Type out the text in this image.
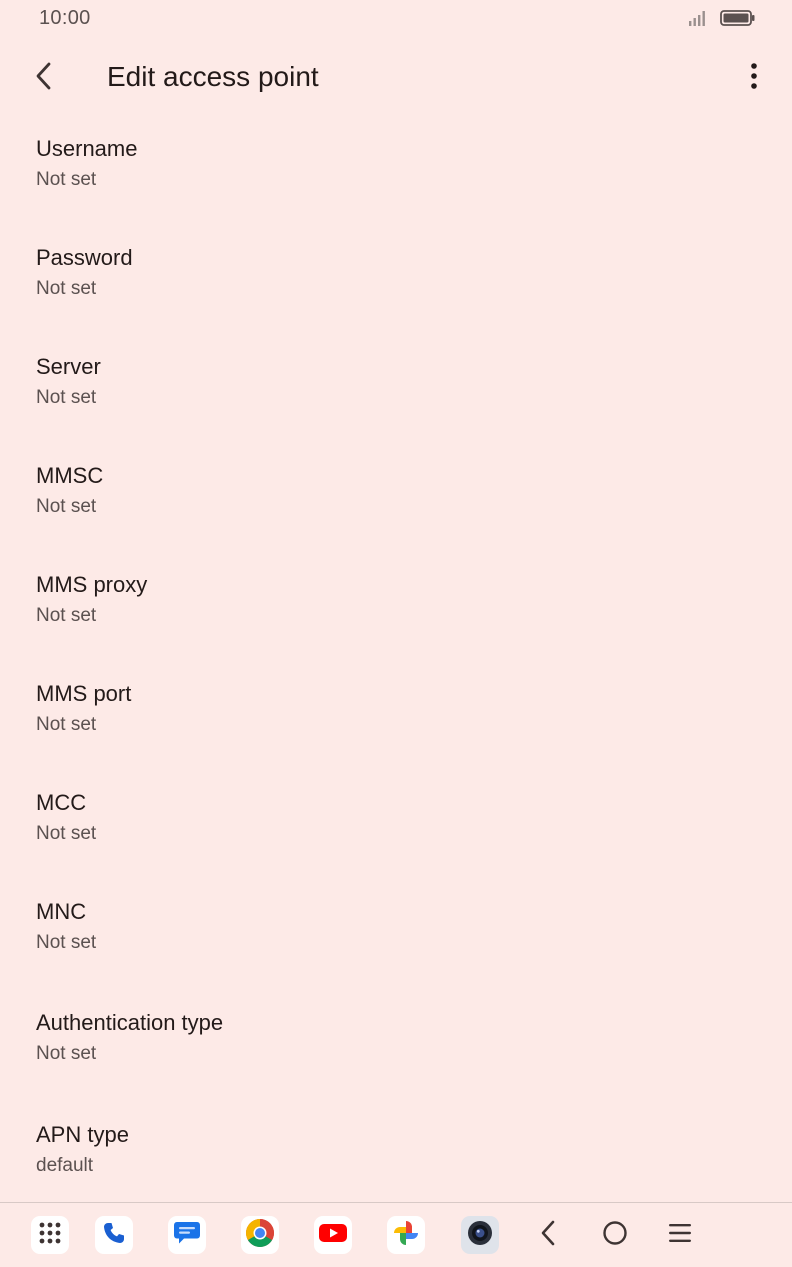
10:00
Edit access point
Username
Not set
Password
Not set
Server
Not set
MMSC
Not set
MMS proxy
Not set
MMS port
Not set
MCC
Not set
MNC
Not set
Authentication type
Not set
APN type
default
